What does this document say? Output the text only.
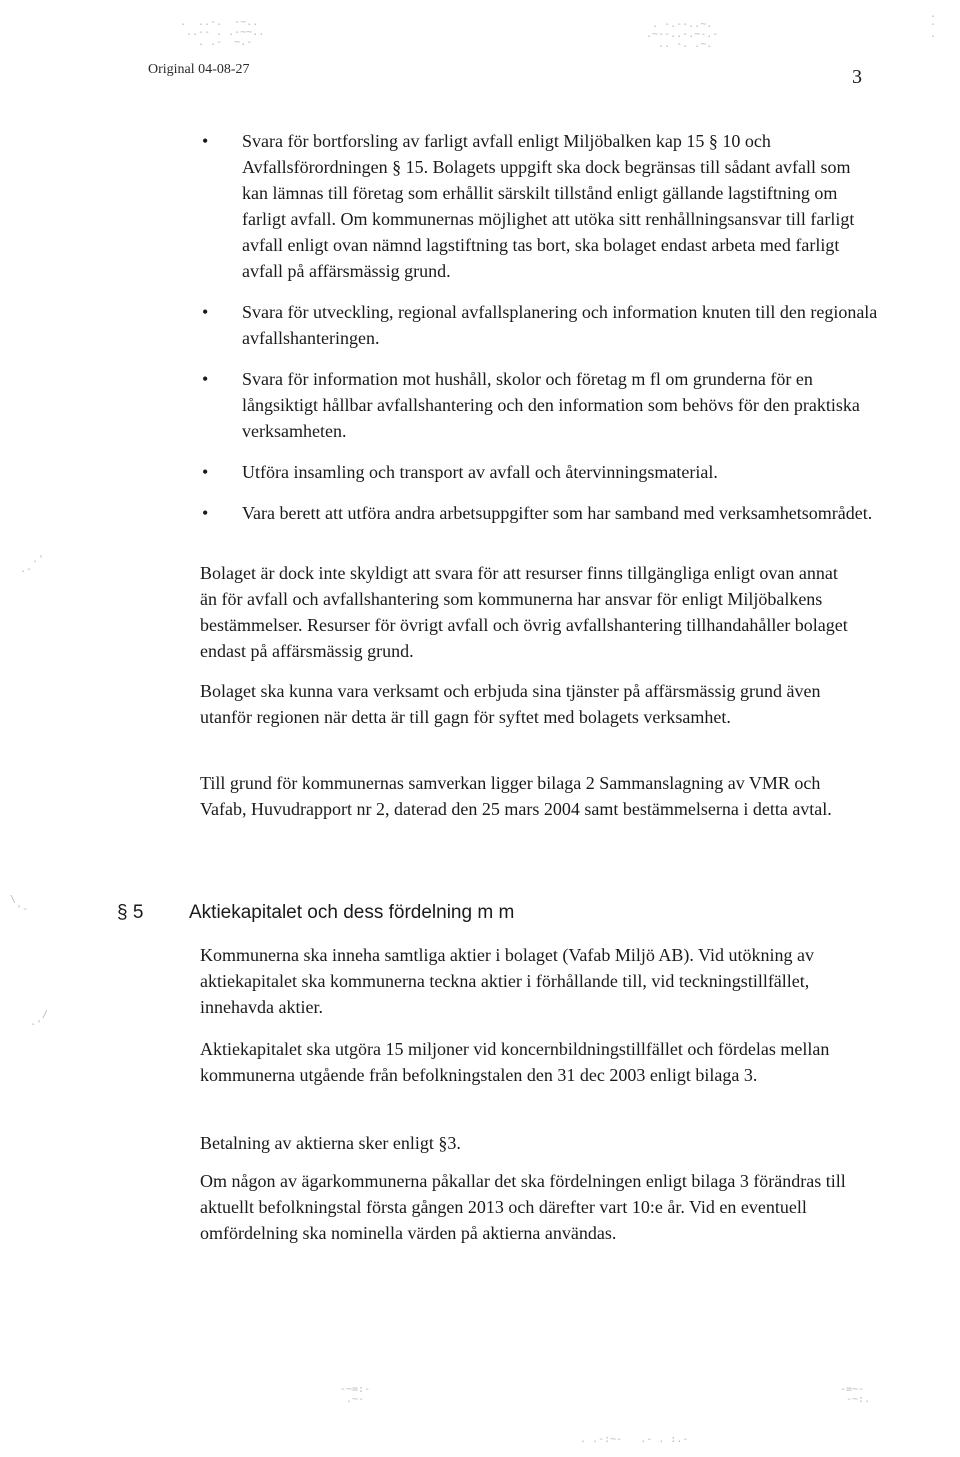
Original 04-08-27	3
• Svara för bortforsling av farligt avfall enligt Miljöbalken kap 15 § 10 och Avfallsförordningen § 15. Bolagets uppgift ska dock begränsas till sådant avfall som kan lämnas till företag som erhållit särskilt tillstånd enligt gällande lagstiftning om farligt avfall. Om kommunernas möjlighet att utöka sitt renhållningsansvar till farligt avfall enligt ovan nämnd lagstiftning tas bort, ska bolaget endast arbeta med farligt avfall på affärsmässig grund.
• Svara för utveckling, regional avfallsplanering och information knuten till den regionala avfallshanteringen.
• Svara för information mot hushåll, skolor och företag m fl om grunderna för en långsiktigt hållbar avfallshantering och den information som behövs för den praktiska verksamheten.
• Utföra insamling och transport av avfall och återvinningsmaterial.
• Vara berett att utföra andra arbetsuppgifter som har samband med verksamhetsområdet.

Bolaget är dock inte skyldigt att svara för att resurser finns tillgängliga enligt ovan annat än för avfall och avfallshantering som kommunerna har ansvar för enligt Miljöbalkens bestämmelser. Resurser för övrigt avfall och övrig avfallshantering tillhandahåller bolaget endast på affärsmässig grund.

Bolaget ska kunna vara verksamt och erbjuda sina tjänster på affärsmässig grund även utanför regionen när detta är till gagn för syftet med bolagets verksamhet.

Till grund för kommunernas samverkan ligger bilaga 2 Sammanslagning av VMR och Vafab, Huvudrapport nr 2, daterad den 25 mars 2004 samt bestämmelserna i detta avtal.

§ 5 Aktiekapitalet och dess fördelning m m

Kommunerna ska inneha samtliga aktier i bolaget (Vafab Miljö AB). Vid utökning av aktiekapitalet ska kommunerna teckna aktier i förhållande till, vid teckningstillfället, innehavda aktier.

Aktiekapitalet ska utgöra 15 miljoner vid koncernbildningstillfället och fördelas mellan kommunerna utgående från befolkningstalen den 31 dec 2003 enligt bilaga 3.

Betalning av aktierna sker enligt §3.

Om någon av ägarkommunerna påkallar det ska fördelningen enligt bilaga 3 förändras till aktuellt befolkningstal första gången 2013 och därefter vart 10:e år. Vid en eventuell omfördelning ska nominella värden på aktierna användas.

.  ..-.  -~..
..-- . .-~~..
. .-  ~.-
. -.--..~.
.~--..-.~-.-
.. -. .~.
.
-
.
.'
.-
\
'-
/
-'
-~=:-
.~-
-=~-
-~:.
. .-:~-   .- . :.-
